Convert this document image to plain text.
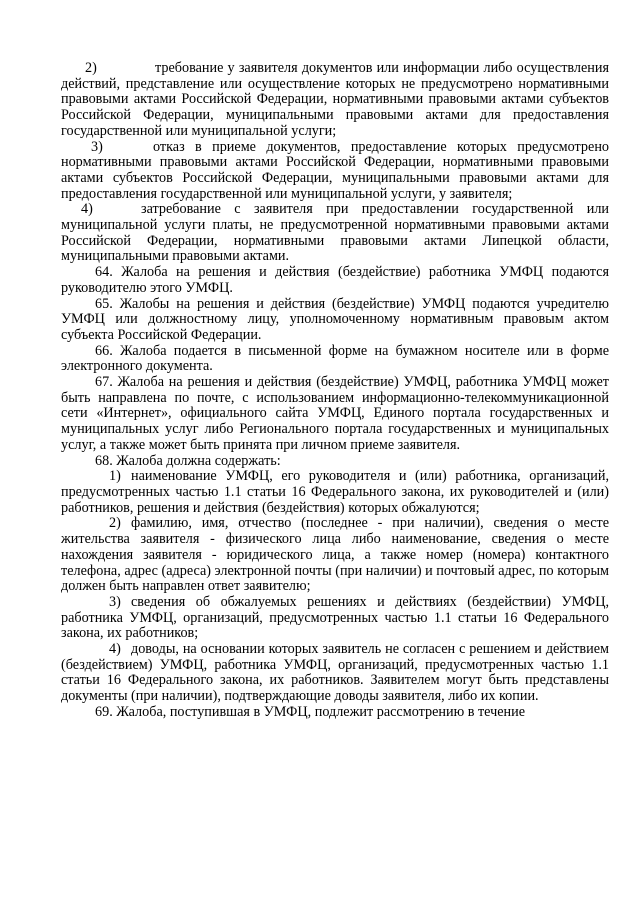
2)	требование у заявителя документов или информации либо осуществления действий, представление или осуществление которых не предусмотрено нормативными правовыми актами Российской Федерации, нормативными правовыми актами субъектов Российской Федерации, муниципальными правовыми актами для предоставления государственной или муниципальной услуги;

3)	отказ в приеме документов, предоставление которых предусмотрено нормативными правовыми актами Российской Федерации, нормативными правовыми актами субъектов Российской Федерации, муниципальными правовыми актами для предоставления государственной или муниципальной услуги, у заявителя;

4)	затребование с заявителя при предоставлении государственной или муниципальной услуги платы, не предусмотренной нормативными правовыми актами Российской Федерации, нормативными правовыми актами Липецкой области, муниципальными правовыми актами.

64. Жалоба на решения и действия (бездействие) работника УМФЦ подаются руководителю этого УМФЦ.

65. Жалобы на решения и действия (бездействие) УМФЦ подаются учредителю УМФЦ или должностному лицу, уполномоченному нормативным правовым актом субъекта Российской Федерации.

66. Жалоба подается в письменной форме на бумажном носителе или в форме электронного документа.

67. Жалоба на решения и действия (бездействие) УМФЦ, работника УМФЦ может быть направлена по почте, с использованием информационно-телекоммуникационной сети «Интернет», официального сайта УМФЦ, Единого портала государственных и муниципальных услуг либо Регионального портала государственных и муниципальных услуг, а также может быть принята при личном приеме заявителя.

68. Жалоба должна содержать:

1) наименование УМФЦ, его руководителя и (или) работника, организаций, предусмотренных частью 1.1 статьи 16 Федерального закона, их руководителей и (или) работников, решения и действия (бездействия) которых обжалуются;

2) фамилию, имя, отчество (последнее - при наличии), сведения о месте жительства заявителя - физического лица либо наименование, сведения о месте нахождения заявителя - юридического лица, а также номер (номера) контактного телефона, адрес (адреса) электронной почты (при наличии) и почтовый адрес, по которым должен быть направлен ответ заявителю;

3) сведения об обжалуемых решениях и действиях (бездействии) УМФЦ, работника УМФЦ, организаций, предусмотренных частью 1.1 статьи 16 Федерального закона, их работников;

4) доводы, на основании которых заявитель не согласен с решением и действием (бездействием) УМФЦ, работника УМФЦ, организаций, предусмотренных частью 1.1 статьи 16 Федерального закона, их работников. Заявителем могут быть представлены документы (при наличии), подтверждающие доводы заявителя, либо их копии.

69. Жалоба, поступившая в УМФЦ, подлежит рассмотрению в течение
